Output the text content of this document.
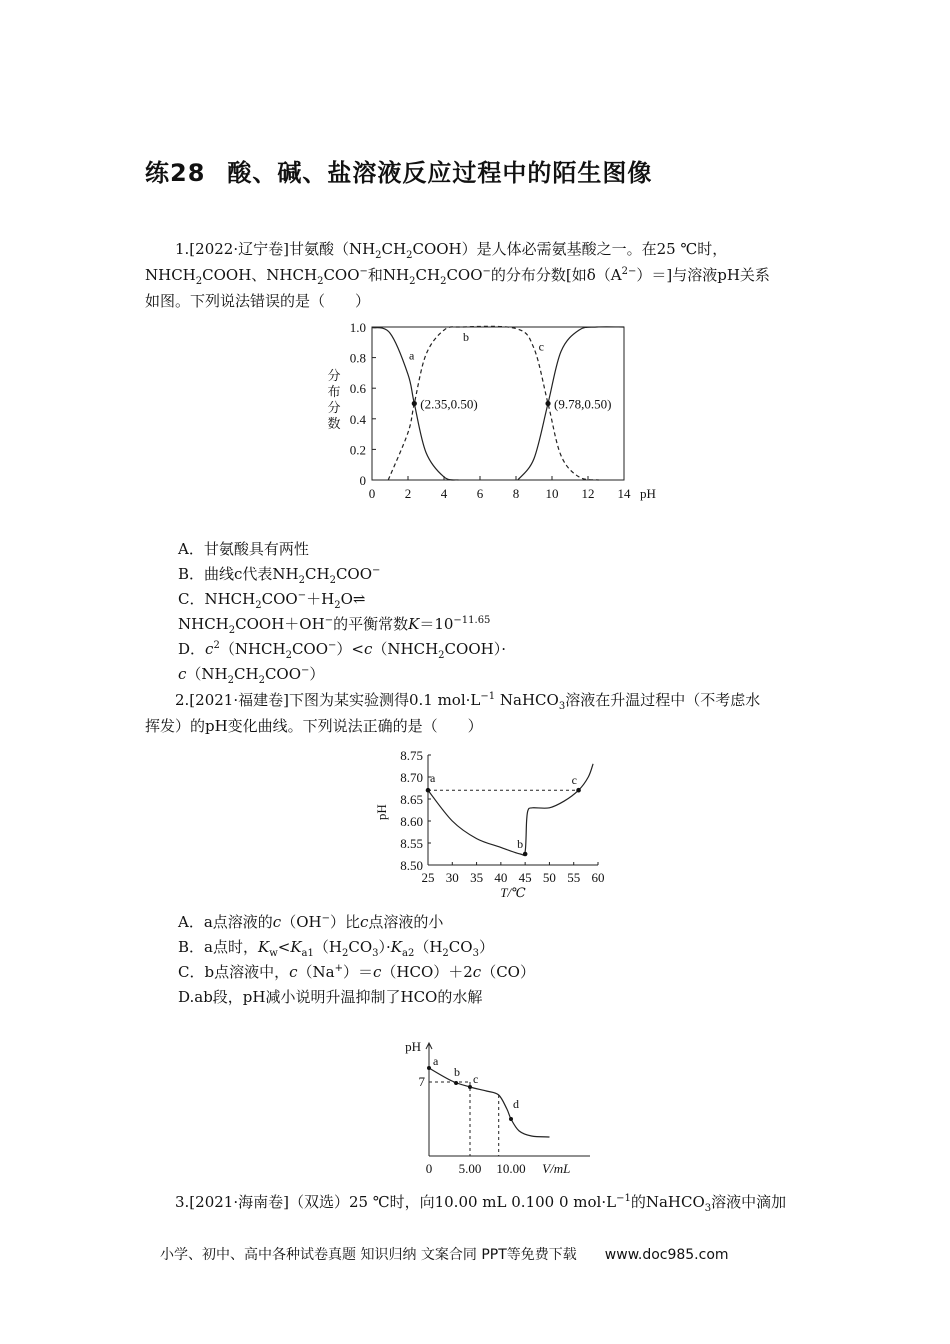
练28 酸、碱、盐溶液反应过程中的陌生图像
1.[2022·辽宁卷]甘氨酸$(NH_2CH_2COOH)$是人体必需氨基酸之一。在25 ℃时，
$NHCH_2COOH$、$NHCH_2COO^-$和$NH_2CH_2COO^-$的分布分数[如$\delta(A^{2-})=$]与溶液pH关系
如图。下列说法错误的是（　　）
0
0.2
0.4
0.6
0.8
1.0
0 2 4 6 8 10 12 14 pH
分布分数
a
b
c
(2.35,0.50)	(9.78,0.50)
A．甘氨酸具有两性
B．曲线c代表$NH_2CH_2COO^-$
C．$NHCH_2COO^-+H_2O\rightleftharpoons$
$NHCH_2COOH+OH^-$的平衡常数$K=10^{-11.65}$
D．$c^2(NHCH_2COO^-)<c(NHCH_2COOH)\cdot$
$c(NH_2CH_2COO^-)$
2.[2021·福建卷]下图为某实验测得0.1 $mol\cdot L^{-1}$ NaHCO$_3$溶液在升温过程中（不考虑水
挥发）的pH变化曲线。下列说法正确的是（　　）
8.50
8.55
8.60
8.65
8.70
8.75
25 30 35 40 45 50 55 60
T/℃
pH
a
b
c
A．a点溶液的c（OH−）比c点溶液的小
B．a点时，$K_w<K_{a1}(H_2CO_3)\cdot K_{a2}(H_2CO_3)$
C．b点溶液中，c（Na+）＝c（HCO）＋2c（CO）
D.ab段，pH减小说明升温抑制了HCO的水解
pH
7
0 5.00 10.00 V/mL
a
b c
d
3.[2021·海南卷]（双选）25 ℃时，向10.00 mL 0.100 0 $mol\cdot L^{-1}$的NaHCO$_3$溶液中滴加
小学、初中、高中各种试卷真题 知识归纳 文案合同 PPT等免费下载 www.doc985.com
